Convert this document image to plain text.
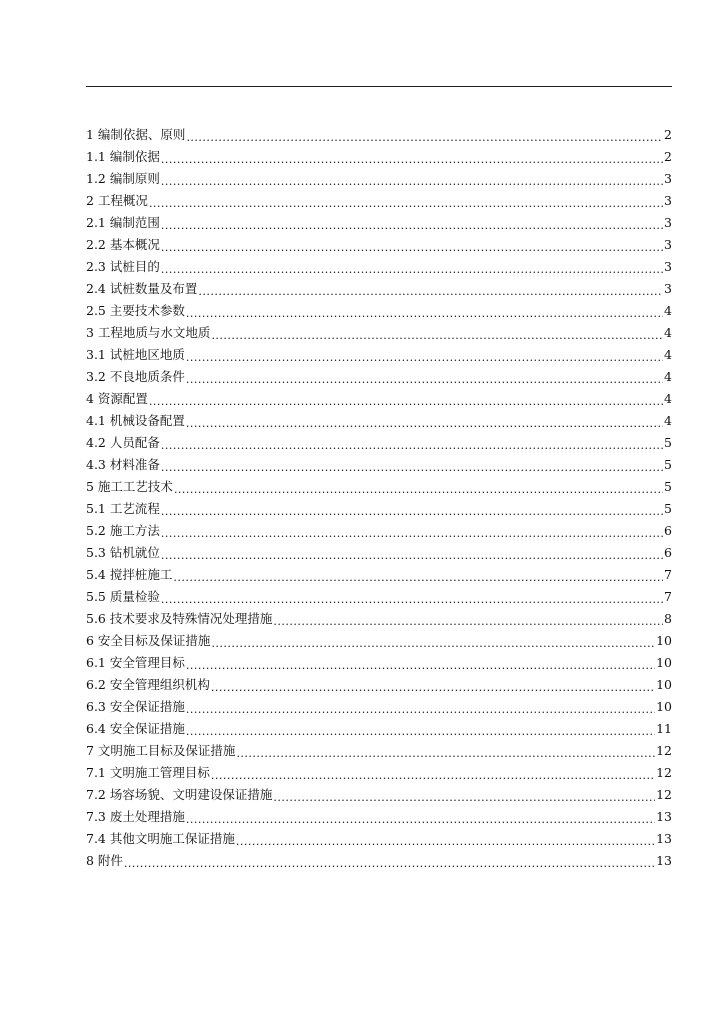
1 编制依据、原则 .....	2
1.1 编制依据 .....	2
1.2 编制原则 .....	3
2 工程概况 .....	3
2.1 编制范围 .....	3
2.2 基本概况 .....	3
2.3 试桩目的 .....	3
2.4 试桩数量及布置 .....	3
2.5 主要技术参数 .....	4
3 工程地质与水文地质 .....	4
3.1 试桩地区地质 .....	4
3.2 不良地质条件 .....	4
4 资源配置 .....	4
4.1 机械设备配置 .....	4
4.2 人员配备 .....	5
4.3 材料准备 .....	5
5 施工工艺技术 .....	5
5.1 工艺流程 .....	5
5.2 施工方法 .....	6
5.3 钻机就位 .....	6
5.4 搅拌桩施工 .....	7
5.5 质量检验 .....	7
5.6 技术要求及特殊情况处理措施 .....	8
6 安全目标及保证措施 .....	10
6.1 安全管理目标 .....	10
6.2 安全管理组织机构 .....	10
6.3 安全保证措施 .....	10
6.4 安全保证措施 .....	11
7 文明施工目标及保证措施 .....	12
7.1 文明施工管理目标 .....	12
7.2 场容场貌、文明建设保证措施 .....	12
7.3 废土处理措施 .....	13
7.4 其他文明施工保证措施 .....	13
8 附件 .....	13
